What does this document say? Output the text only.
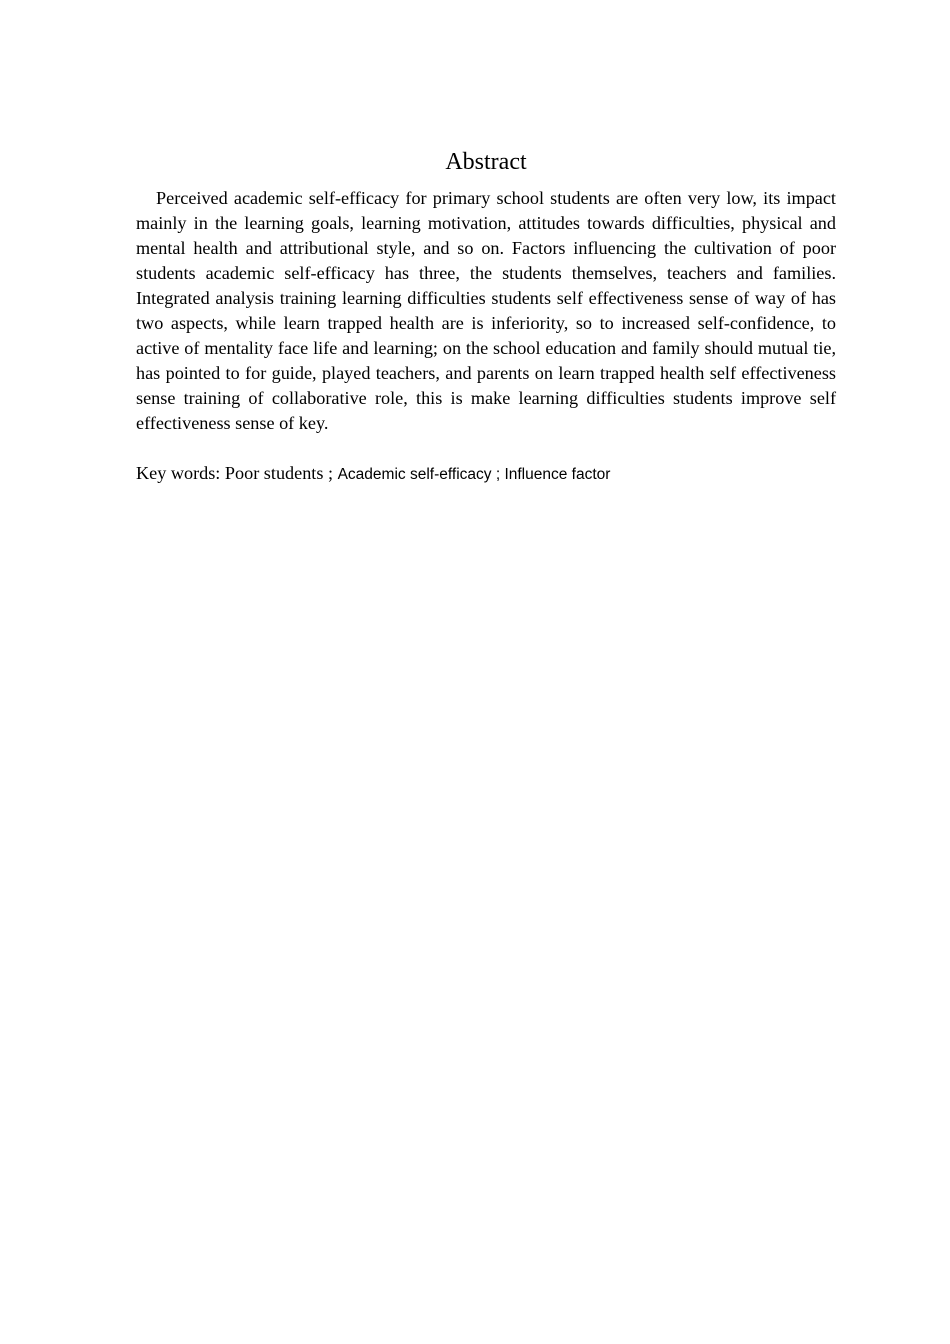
Abstract

Perceived academic self-efficacy for primary school students are often very low, its impact mainly in the learning goals, learning motivation, attitudes towards difficulties, physical and mental health and attributional style, and so on. Factors influencing the cultivation of poor students academic self-efficacy has three, the students themselves, teachers and families. Integrated analysis training learning difficulties students self effectiveness sense of way of has two aspects, while learn trapped health are is inferiority, so to increased self-confidence, to active of mentality face life and learning; on the school education and family should mutual tie, has pointed to for guide, played teachers, and parents on learn trapped health self effectiveness sense training of collaborative role, this is make learning difficulties students improve self effectiveness sense of key.

Key words: Poor students ; Academic self-efficacy ; Influence factor
